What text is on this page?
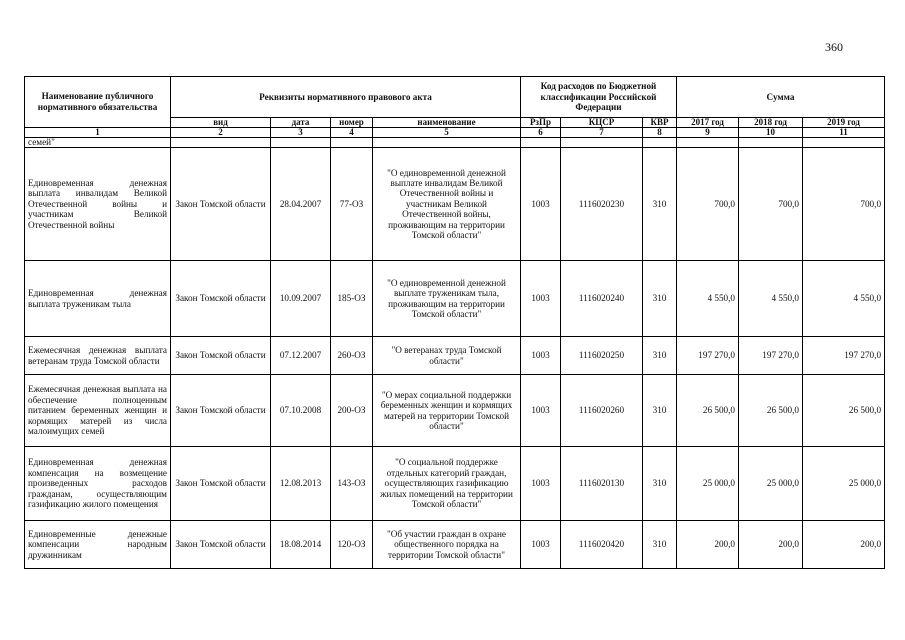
360
Наименование публичного нормативного обязательства	Реквизиты нормативного правового акта				Код расходов по Бюджетной классификации Российской Федерации			Сумма		
	вид	дата	номер	наименование	РзПр	КЦСР	КВР	2017 год	2018 год	2019 год
1	2	3	4	5	6	7	8	9	10	11
семей"										
Единовременная денежная выплата инвалидам Великой Отечественной войны и участникам Великой Отечественной войны	Закон Томской области	28.04.2007	77-ОЗ	"О единовременной денежной выплате инвалидам Великой Отечественной войны и участникам Великой Отечественной войны, проживающим на территории Томской области"	1003	1116020230	310	700,0	700,0	700,0
Единовременная денежная выплата труженикам тыла	Закон Томской области	10.09.2007	185-ОЗ	"О единовременной денежной выплате труженикам тыла, проживающим на территории Томской области"	1003	1116020240	310	4 550,0	4 550,0	4 550,0
Ежемесячная денежная выплата ветеранам труда Томской области	Закон Томской области	07.12.2007	260-ОЗ	"О ветеранах труда Томской области"	1003	1116020250	310	197 270,0	197 270,0	197 270,0
Ежемесячная денежная выплата на обеспечение полноценным питанием беременных женщин и кормящих матерей из числа малоимущих семей	Закон Томской области	07.10.2008	200-ОЗ	"О мерах социальной поддержки беременных женщин и кормящих матерей на территории Томской области"	1003	1116020260	310	26 500,0	26 500,0	26 500,0
Единовременная денежная компенсация на возмещение произведенных расходов гражданам, осуществляющим газификацию жилого помещения	Закон Томской области	12.08.2013	143-ОЗ	"О социальной поддержке отдельных категорий граждан, осуществляющих газификацию жилых помещений на территории Томской области"	1003	1116020130	310	25 000,0	25 000,0	25 000,0
Единовременные денежные компенсации народным дружинникам	Закон Томской области	18.08.2014	120-ОЗ	"Об участии граждан в охране общественного порядка на территории Томской области"	1003	1116020420	310	200,0	200,0	200,0
